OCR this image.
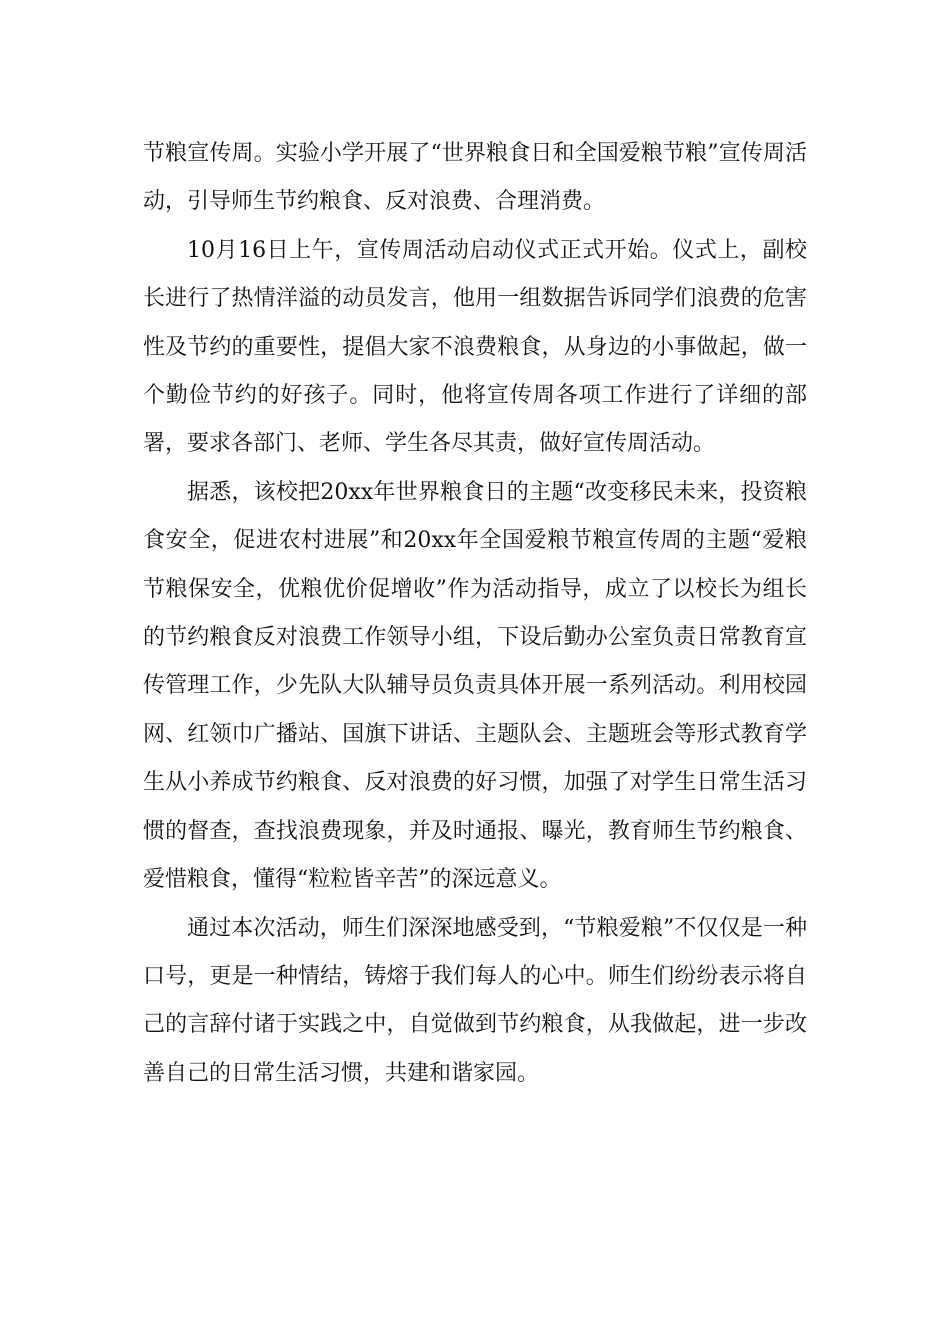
节粮宣传周。实验小学开展了“世界粮食日和全国爱粮节粮”宣传周活动，引导师生节约粮食、反对浪费、合理消费。

10月16日上午，宣传周活动启动仪式正式开始。仪式上，副校长进行了热情洋溢的动员发言，他用一组数据告诉同学们浪费的危害性及节约的重要性，提倡大家不浪费粮食，从身边的小事做起，做一个勤俭节约的好孩子。同时，他将宣传周各项工作进行了详细的部署，要求各部门、老师、学生各尽其责，做好宣传周活动。

据悉，该校把20xx年世界粮食日的主题“改变移民未来，投资粮食安全，促进农村进展”和20xx年全国爱粮节粮宣传周的主题“爱粮节粮保安全，优粮优价促增收”作为活动指导，成立了以校长为组长的节约粮食反对浪费工作领导小组，下设后勤办公室负责日常教育宣传管理工作，少先队大队辅导员负责具体开展一系列活动。利用校园网、红领巾广播站、国旗下讲话、主题队会、主题班会等形式教育学生从小养成节约粮食、反对浪费的好习惯，加强了对学生日常生活习惯的督查，查找浪费现象，并及时通报、曝光，教育师生节约粮食、爱惜粮食，懂得“粒粒皆辛苦”的深远意义。

通过本次活动，师生们深深地感受到，“节粮爱粮”不仅仅是一种口号，更是一种情结，铸熔于我们每人的心中。师生们纷纷表示将自己的言辞付诸于实践之中，自觉做到节约粮食，从我做起，进一步改善自己的日常生活习惯，共建和谐家园。
